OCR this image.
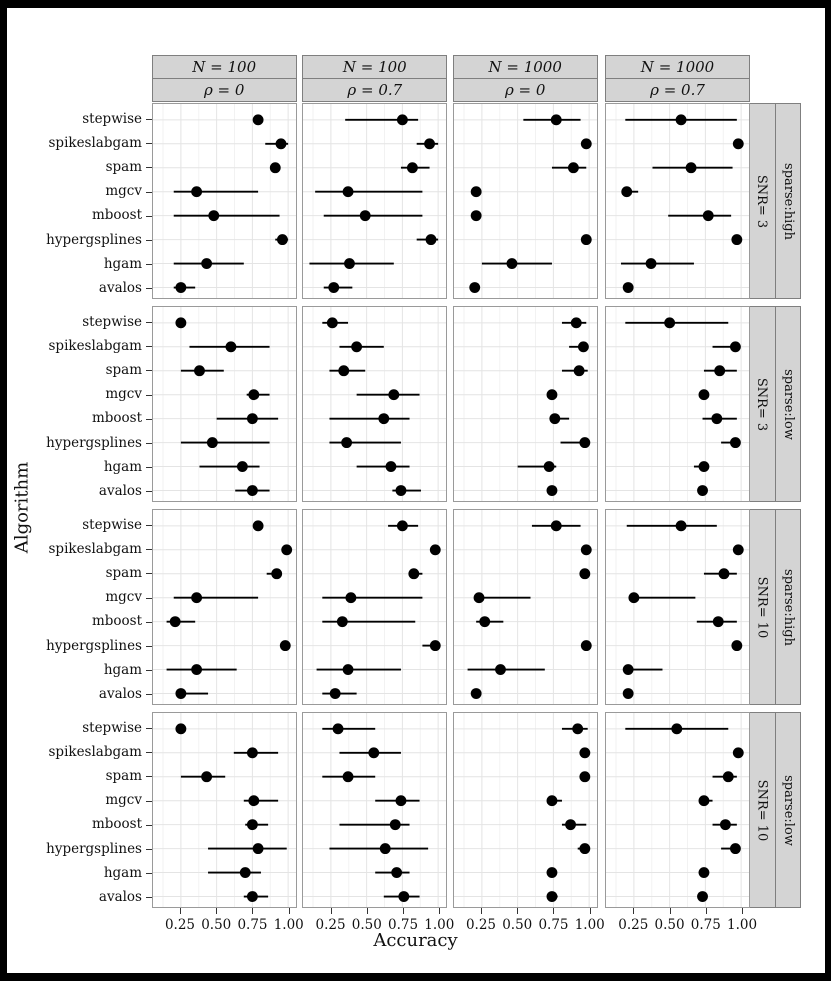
Accuracy
Algorithm
N = 100
ρ = 0
N = 100
ρ = 0.7
N = 1000
ρ = 0
N = 1000
ρ = 0.7
SNR= 3 sparse:high
SNR= 3 sparse:low
SNR= 10 sparse:high
SNR= 10 sparse:low
stepwise
spikeslabgam
spam
mgcv
mboost
hypergsplines
hgam
avalos
stepwise
spikeslabgam
spam
mgcv
mboost
hypergsplines
hgam
avalos
stepwise
spikeslabgam
spam
mgcv
mboost
hypergsplines
hgam
avalos
stepwise
spikeslabgam
spam
mgcv
mboost
hypergsplines
hgam
avalos
0.25	0.25	0.25	0.25
0.50	0.50	0.50	0.50
0.75	0.75	0.75	0.75
1.00	1.00	1.00	1.00
